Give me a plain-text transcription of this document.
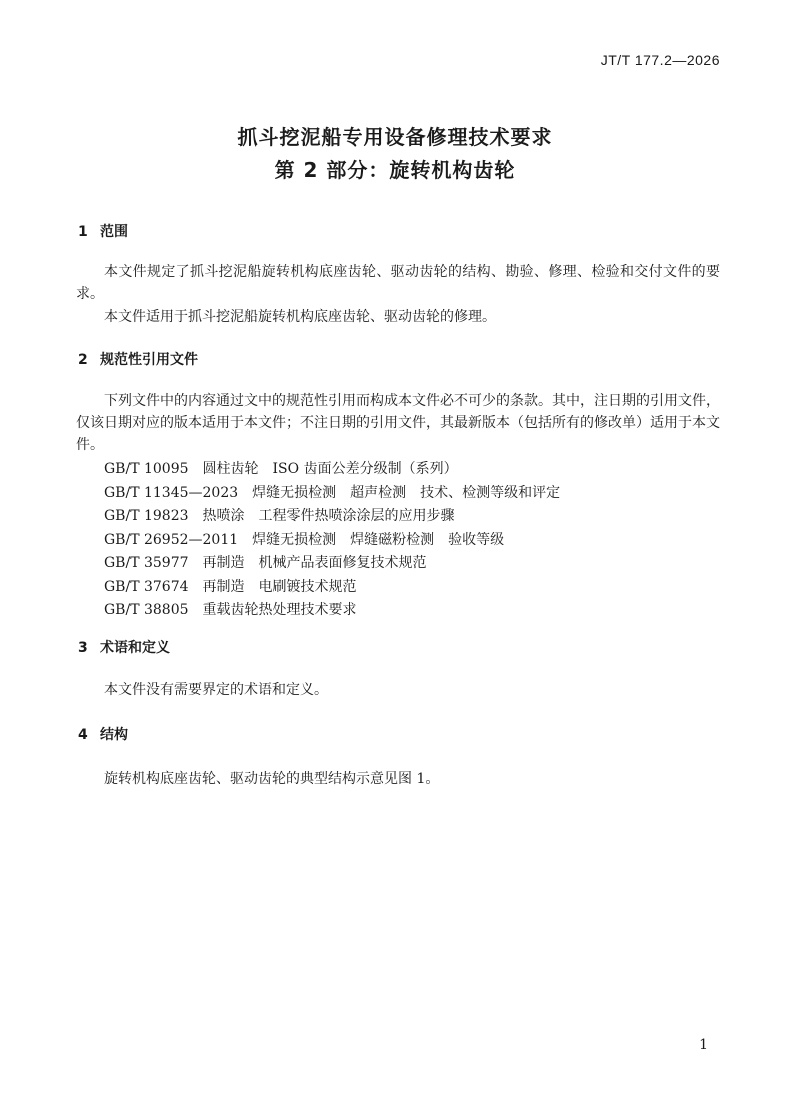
JT/T 177.2—2026
抓斗挖泥船专用设备修理技术要求
第 2 部分：旋转机构齿轮
1 范围
本文件规定了抓斗挖泥船旋转机构底座齿轮、驱动齿轮的结构、勘验、修理、检验和交付文件的要求。
本文件适用于抓斗挖泥船旋转机构底座齿轮、驱动齿轮的修理。
2 规范性引用文件
下列文件中的内容通过文中的规范性引用而构成本文件必不可少的条款。其中，注日期的引用文件，仅该日期对应的版本适用于本文件；不注日期的引用文件，其最新版本（包括所有的修改单）适用于本文件。
GB/T 10095 圆柱齿轮　ISO 齿面公差分级制（系列）
GB/T 11345—2023 焊缝无损检测　超声检测　技术、检测等级和评定
GB/T 19823 热喷涂　工程零件热喷涂涂层的应用步骤
GB/T 26952—2011 焊缝无损检测　焊缝磁粉检测　验收等级
GB/T 35977 再制造　机械产品表面修复技术规范
GB/T 37674 再制造　电刷镀技术规范
GB/T 38805 重载齿轮热处理技术要求
3 术语和定义
本文件没有需要界定的术语和定义。
4 结构
旋转机构底座齿轮、驱动齿轮的典型结构示意见图 1。
1
